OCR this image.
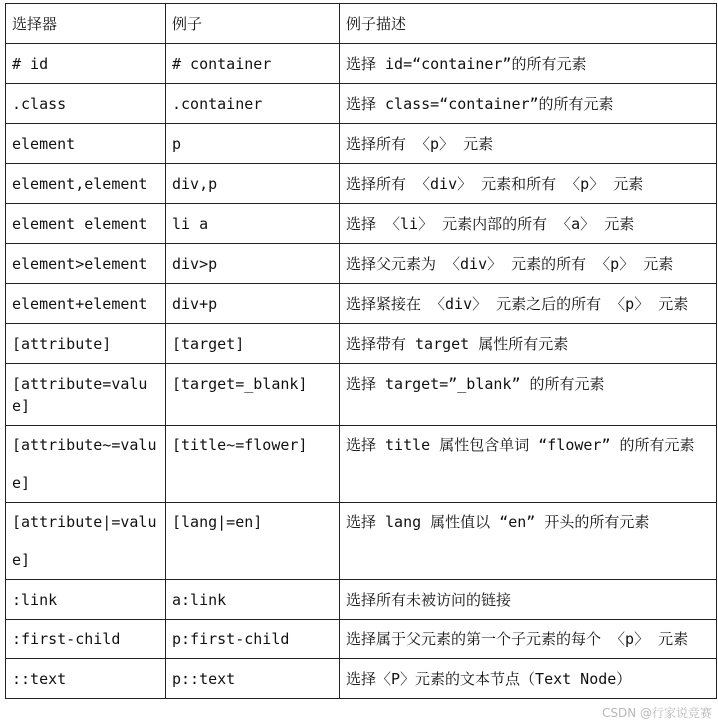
选择器	例子	例子描述
# id	# container	选择 id=“container”的所有元素
.class	.container	选择 class=“container”的所有元素
element	p	选择所有 〈p〉 元素
element,element	div,p	选择所有 〈div〉 元素和所有 〈p〉 元素
element element	li a	选择 〈li〉 元素内部的所有 〈a〉 元素
element>element	div>p	选择父元素为 〈div〉 元素的所有 〈p〉 元素
element+element	div+p	选择紧接在 〈div〉 元素之后的所有 〈p〉 元素
[attribute]	[target]	选择带有 target 属性所有元素
[attribute=value]	[target=_blank]	选择 target=”_blank” 的所有元素
[attribute~=value]	[title~=flower]	选择 title 属性包含单词 “flower” 的所有元素
[attribute|=value]	[lang|=en]	选择 lang 属性值以 “en” 开头的所有元素
:link	a:link	选择所有未被访问的链接
:first-child	p:first-child	选择属于父元素的第一个子元素的每个 〈p〉 元素
::text	p::text	选择〈P〉元素的文本节点（Text Node）
CSDN @行家说竞赛
